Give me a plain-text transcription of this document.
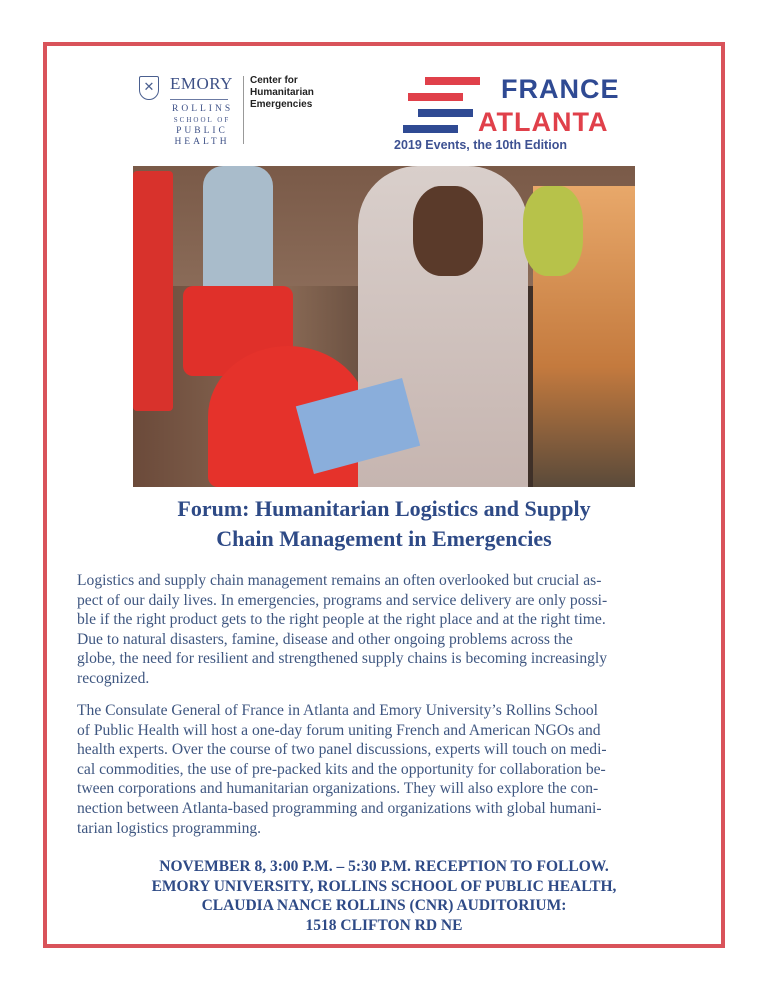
✕ EMORY
ROLLINS
SCHOOL OF
PUBLIC
HEALTH
Center for
Humanitarian Emergencies
FRANCE
ATLANTA
2019 Events, the 10th Edition
Forum: Humanitarian Logistics and Supply
Chain Management in Emergencies
Logistics and supply chain management remains an often overlooked but crucial as-
pect of our daily lives. In emergencies, programs and service delivery are only possi-
ble if the right product gets to the right people at the right place and at the right time.
Due to natural disasters, famine, disease and other ongoing problems across the
globe, the need for resilient and strengthened supply chains is becoming increasingly
recognized.
The Consulate General of France in Atlanta and Emory University’s Rollins School
of Public Health will host a one-day forum uniting French and American NGOs and
health experts. Over the course of two panel discussions, experts will touch on medi-
cal commodities, the use of pre-packed kits and the opportunity for collaboration be-
tween corporations and humanitarian organizations. They will also explore the con-
nection between Atlanta-based programming and organizations with global humani-
tarian logistics programming.
NOVEMBER 8, 3:00 P.M. – 5:30 P.M. RECEPTION TO FOLLOW.
EMORY UNIVERSITY, ROLLINS SCHOOL OF PUBLIC HEALTH,
CLAUDIA NANCE ROLLINS (CNR) AUDITORIUM:
1518 CLIFTON RD NE
